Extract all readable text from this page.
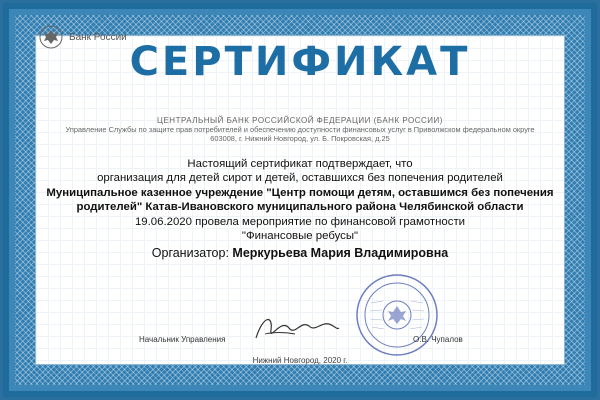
Банк России
СЕРТИФИКАТ
ЦЕНТРАЛЬНЫЙ БАНК РОССИЙСКОЙ ФЕДЕРАЦИИ (БАНК РОССИИ)
Управление Службы по защите прав потребителей и обеспечению доступности финансовых услуг в Приволжском федеральном округе
603008, г. Нижний Новгород, ул. Б. Покровская, д.25
Настоящий сертификат подтверждает, что
организация для детей сирот и детей, оставшихся без попечения родителей
Муниципальное казенное учреждение "Центр помощи детям, оставшимся без попечения родителей" Катав-Ивановского муниципального района Челябинской области
19.06.2020 провела мероприятие по финансовой грамотности
"Финансовые ребусы"
Организатор: Меркурьева Мария Владимировна
Начальник Управления	О.В. Чупалов
Нижний Новгород, 2020 г.
